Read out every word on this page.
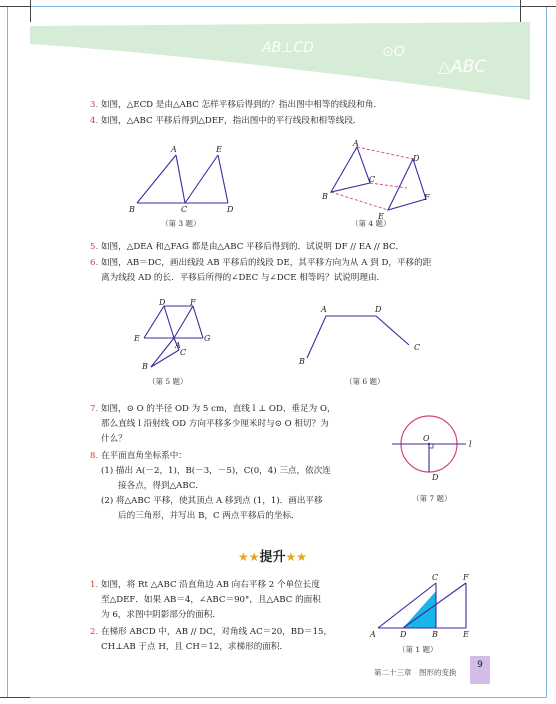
AB⊥CD	⊙O
△ABC
3. 如图，△ECD 是由△ABC 怎样平移后得到的？指出图中相等的线段和角．
4. 如图，△ABC 平移后得到△DEF，指出图中的平行线段和相等线段．
A	E
B	C	D
（第 3 题）
A
D
C
B	F
E
（第 4 题）
5. 如图，△DEA 和△FAG 都是由△ABC 平移后得到的．试说明 DF // EA // BC．
6. 如图，AB＝DC，画出线段 AB 平移后的线段 DE，其平移方向为从 A 到 D，平移的距
离为线段 AD 的长．平移后所得的∠DEC 与∠DCE 相等吗？试说明理由．
D	F
E	G
A
B
C
（第 5 题）
A	D
B
C
（第 6 题）
7. 如图，⊙ O 的半径 OD 为 5 cm，直线 l ⊥ OD，垂足为 O，
那么直线 l 沿射线 OD 方向平移多少厘米时与⊙ O 相切？为
什么？	O
l
D
（第 7 题）
8. 在平面直角坐标系中：
(1) 描出 A(－2，1)，B(－3，－5)，C(0，4) 三点，依次连
接各点，得到△ABC．
(2) 将△ABC 平移，使其顶点 A 移到点 (1，1)．画出平移
后的三角形，并写出 B，C 两点平移后的坐标．
★★提升★★
1. 如图，将 Rt △ABC 沿直角边 AB 向右平移 2 个单位长度
至△DEF．如果 AB＝4，∠ABC＝90°，且△ABC 的面积
为 6，求图中阴影部分的面积．
2. 在梯形 ABCD 中，AB // DC，对角线 AC＝20，BD＝15，
CH⊥AB 于点 H，且 CH＝12，求梯形的面积．
C	F
A	D	B	E
（第 1 题）
第二十三章　图形的变换
9
